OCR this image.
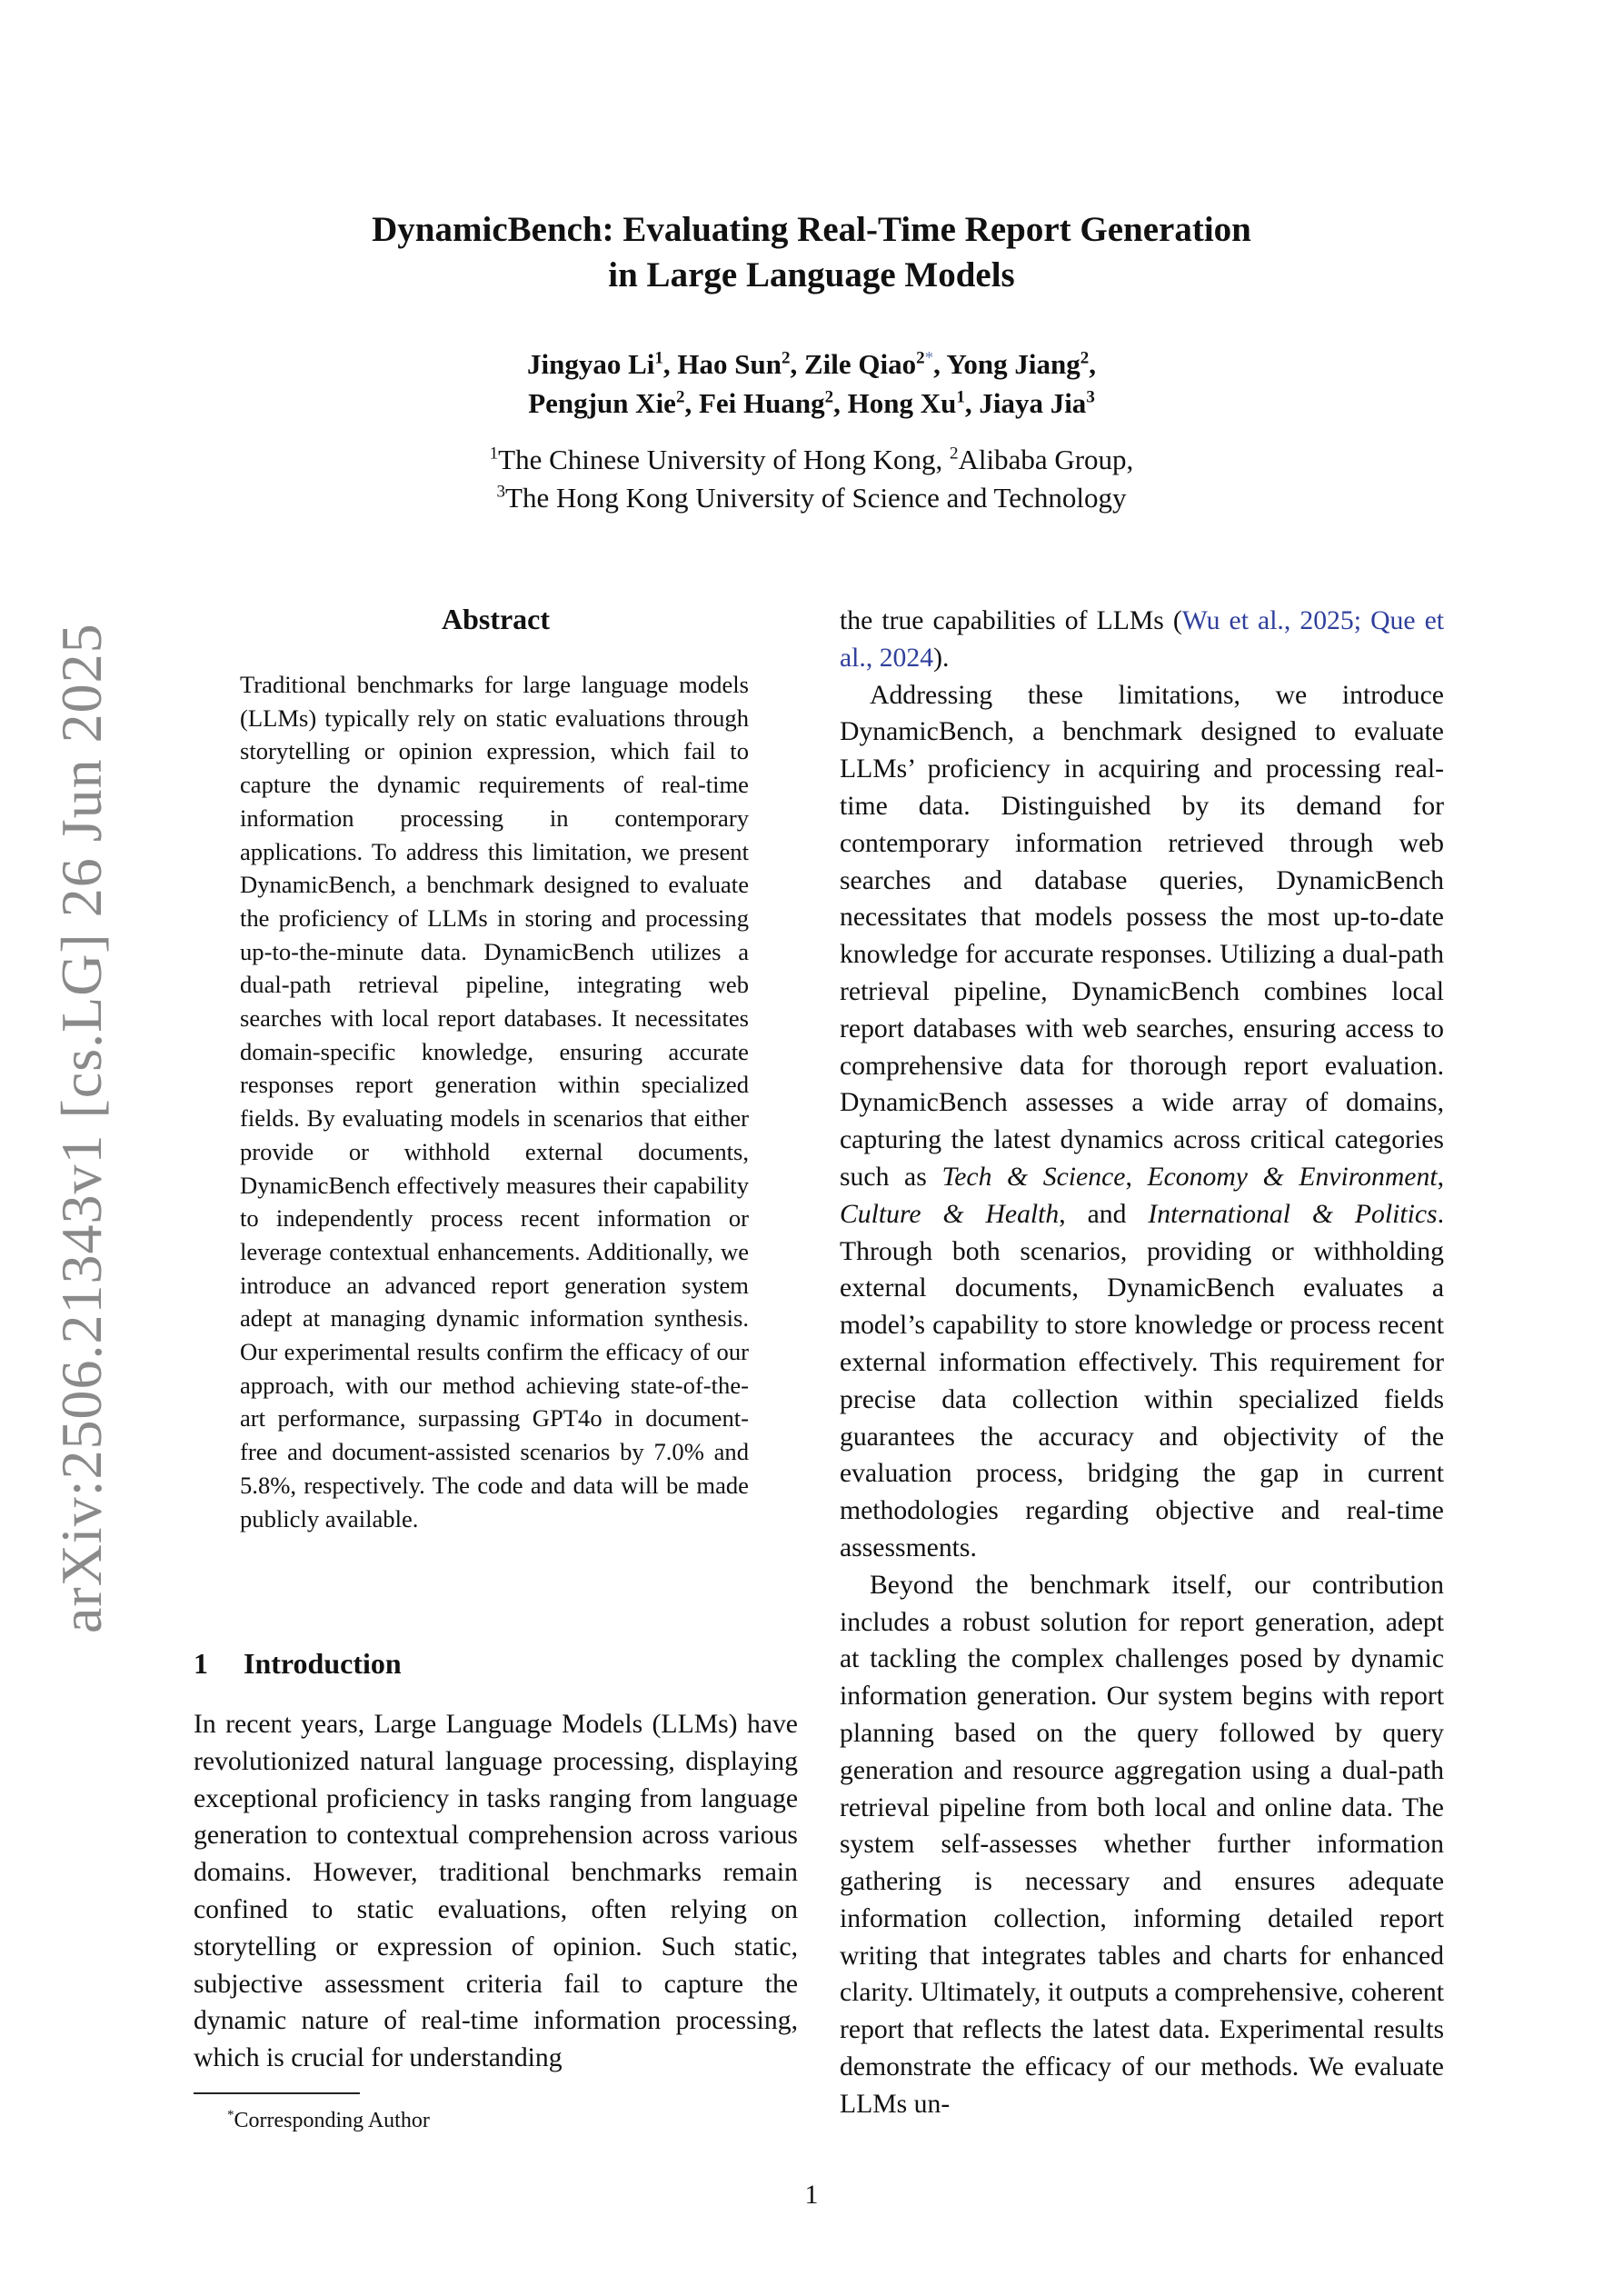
arXiv:2506.21343v1 [cs.LG] 26 Jun 2025
DynamicBench: Evaluating Real-Time Report Generation
in Large Language Models
Jingyao Li$^1$, Hao Sun$^2$, Zile Qiao$^{2*}$, Yong Jiang$^2$,
Pengjun Xie$^2$, Fei Huang$^2$, Hong Xu$^1$, Jiaya Jia$^3$
$^1$The Chinese University of Hong Kong, $^2$Alibaba Group,
$^3$The Hong Kong University of Science and Technology
Abstract
Traditional benchmarks for large language models (LLMs) typically rely on static evaluations through storytelling or opinion expression, which fail to capture the dynamic requirements of real-time information processing in contemporary applications. To address this limitation, we present DynamicBench, a benchmark designed to evaluate the proficiency of LLMs in storing and processing up-to-the-minute data. DynamicBench utilizes a dual-path retrieval pipeline, integrating web searches with local report databases. It necessitates domain-specific knowledge, ensuring accurate responses report generation within specialized fields. By evaluating models in scenarios that either provide or withhold external documents, DynamicBench effectively measures their capability to independently process recent information or leverage contextual enhancements. Additionally, we introduce an advanced report generation system adept at managing dynamic information synthesis. Our experimental results confirm the efficacy of our approach, with our method achieving state-of-the-art performance, surpassing GPT4o in document-free and document-assisted scenarios by 7.0% and 5.8%, respectively. The code and data will be made publicly available.
1 Introduction
In recent years, Large Language Models (LLMs) have revolutionized natural language processing, displaying exceptional proficiency in tasks ranging from language generation to contextual comprehension across various domains. However, traditional benchmarks remain confined to static evaluations, often relying on storytelling or expression of opinion. Such static, subjective assessment criteria fail to capture the dynamic nature of real-time information processing, which is crucial for understanding
*Corresponding Author

the true capabilities of LLMs (Wu et al., 2025; Que et al., 2024).

Addressing these limitations, we introduce DynamicBench, a benchmark designed to evaluate LLMs’ proficiency in acquiring and processing real-time data. Distinguished by its demand for contemporary information retrieved through web searches and database queries, DynamicBench necessitates that models possess the most up-to-date knowledge for accurate responses. Utilizing a dual-path retrieval pipeline, DynamicBench combines local report databases with web searches, ensuring access to comprehensive data for thorough report evaluation. DynamicBench assesses a wide array of domains, capturing the latest dynamics across critical categories such as Tech & Science, Economy & Environment, Culture & Health, and International & Politics. Through both scenarios, providing or withholding external documents, DynamicBench evaluates a model’s capability to store knowledge or process recent external information effectively. This requirement for precise data collection within specialized fields guarantees the accuracy and objectivity of the evaluation process, bridging the gap in current methodologies regarding objective and real-time assessments.

Beyond the benchmark itself, our contribution includes a robust solution for report generation, adept at tackling the complex challenges posed by dynamic information generation. Our system begins with report planning based on the query followed by query generation and resource aggregation using a dual-path retrieval pipeline from both local and online data. The system self-assesses whether further information gathering is necessary and ensures adequate information collection, informing detailed report writing that integrates tables and charts for enhanced clarity. Ultimately, it outputs a comprehensive, coherent report that reflects the latest data. Experimental results demonstrate the efficacy of our methods. We evaluate LLMs un-

1
